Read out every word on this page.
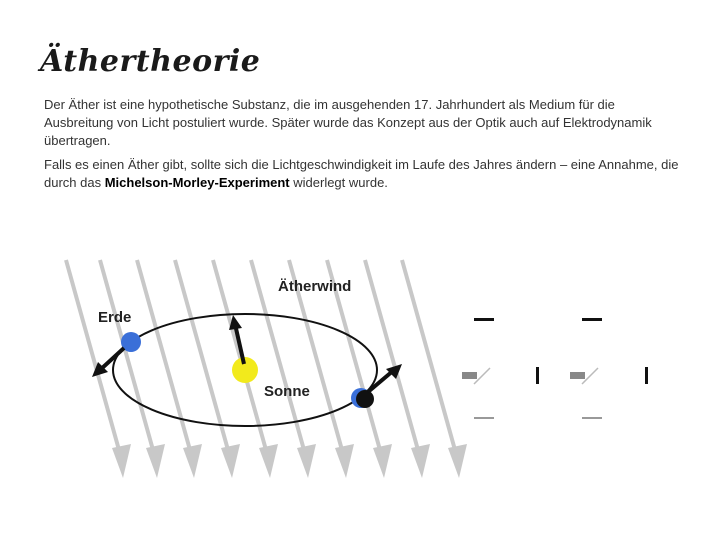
Äthertheorie

Der Äther ist eine hypothetische Substanz, die im ausgehenden 17. Jahrhundert als Medium für die Ausbreitung von Licht postuliert wurde. Später wurde das Konzept aus der Optik auch auf Elektrodynamik übertragen.

Falls es einen Äther gibt, sollte sich die Lichtgeschwindigkeit im Laufe des Jahres ändern – eine Annahme, die durch das Michelson-Morley-Experiment widerlegt wurde.

Ätherwind
Sonne
Erde
